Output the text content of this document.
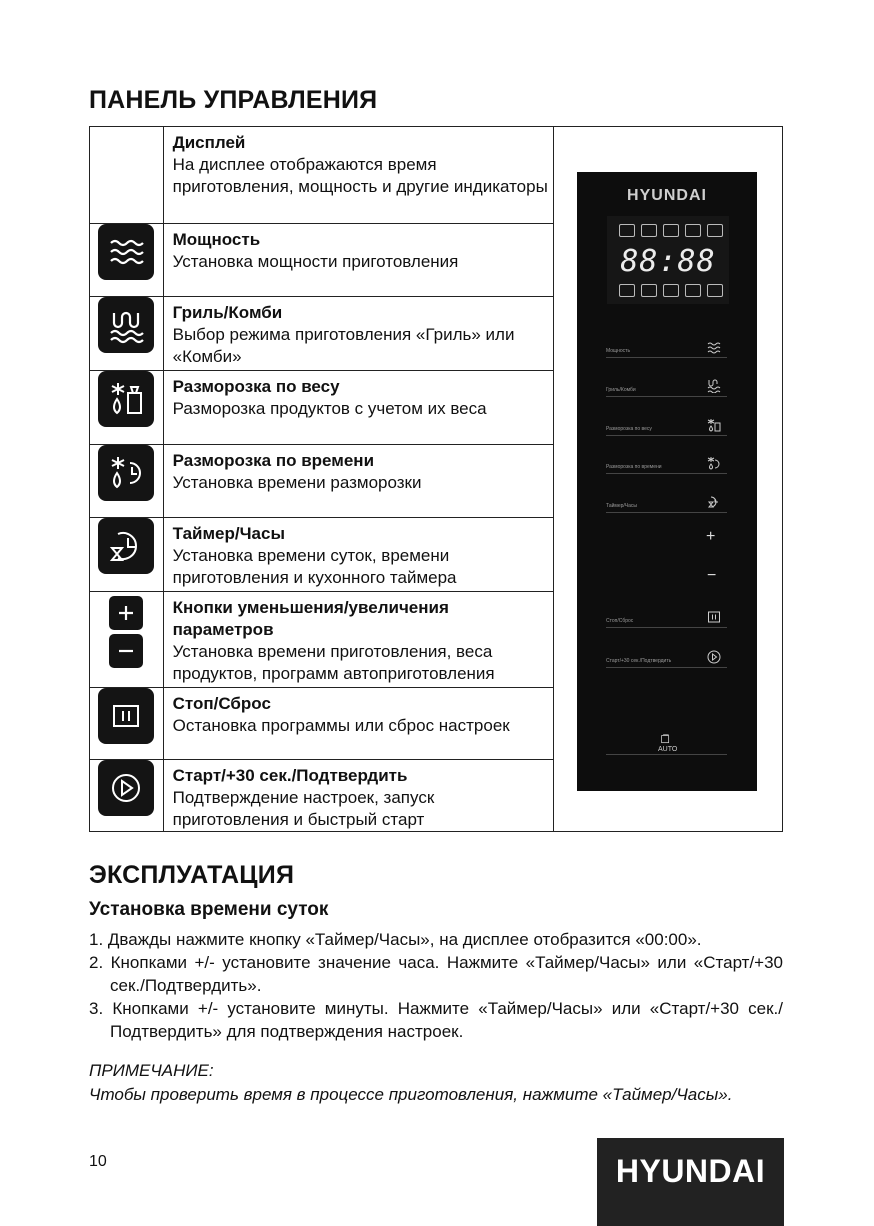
ПАНЕЛЬ УПРАВЛЕНИЯ

	Дисплей
На дисплее отображаются время приготовления, мощность и другие индикаторы	

Мощность
Установка мощности приготовления	

Гриль/Комби
Выбор режима приготовления «Гриль» или «Комби»	

Разморозка по весу
Разморозка продуктов с учетом их веса	

Разморозка по времени
Установка времени разморозки	

Таймер/Часы
Установка времени суток, времени приготовления и кухонного таймера	

Кнопки уменьшения/увеличения параметров
Установка времени приготовления, веса продуктов, программ автоприготовления	

Стоп/Сброс
Остановка программы или сброс настроек	

Старт/+30 сек./Подтвердить
Подтверждение настроек, запуск приготовления и быстрый старт	
HYUNDAI
88:88
Мощность
Гриль/Комби
Разморозка по весу
Разморозка по времени
Таймер/Часы
+
−
Стоп/Сброс
Старт/+30 сек./Подтвердить
AUTO
ЭКСПЛУАТАЦИЯ
Установка времени суток
1. Дважды нажмите кнопку «Таймер/Часы», на дисплее отобразится «00:00».
2. Кнопками +/- установите значение часа. Нажмите «Таймер/Часы» или «Старт/+30 сек./Подтвердить».
3. Кнопками +/- установите минуты. Нажмите «Таймер/Часы» или «Старт/+30 сек./Подтвердить» для подтверждения настроек.
ПРИМЕЧАНИЕ:
Чтобы проверить время в процессе приготовления, нажмите «Таймер/Часы».
10	HYUNDAI
